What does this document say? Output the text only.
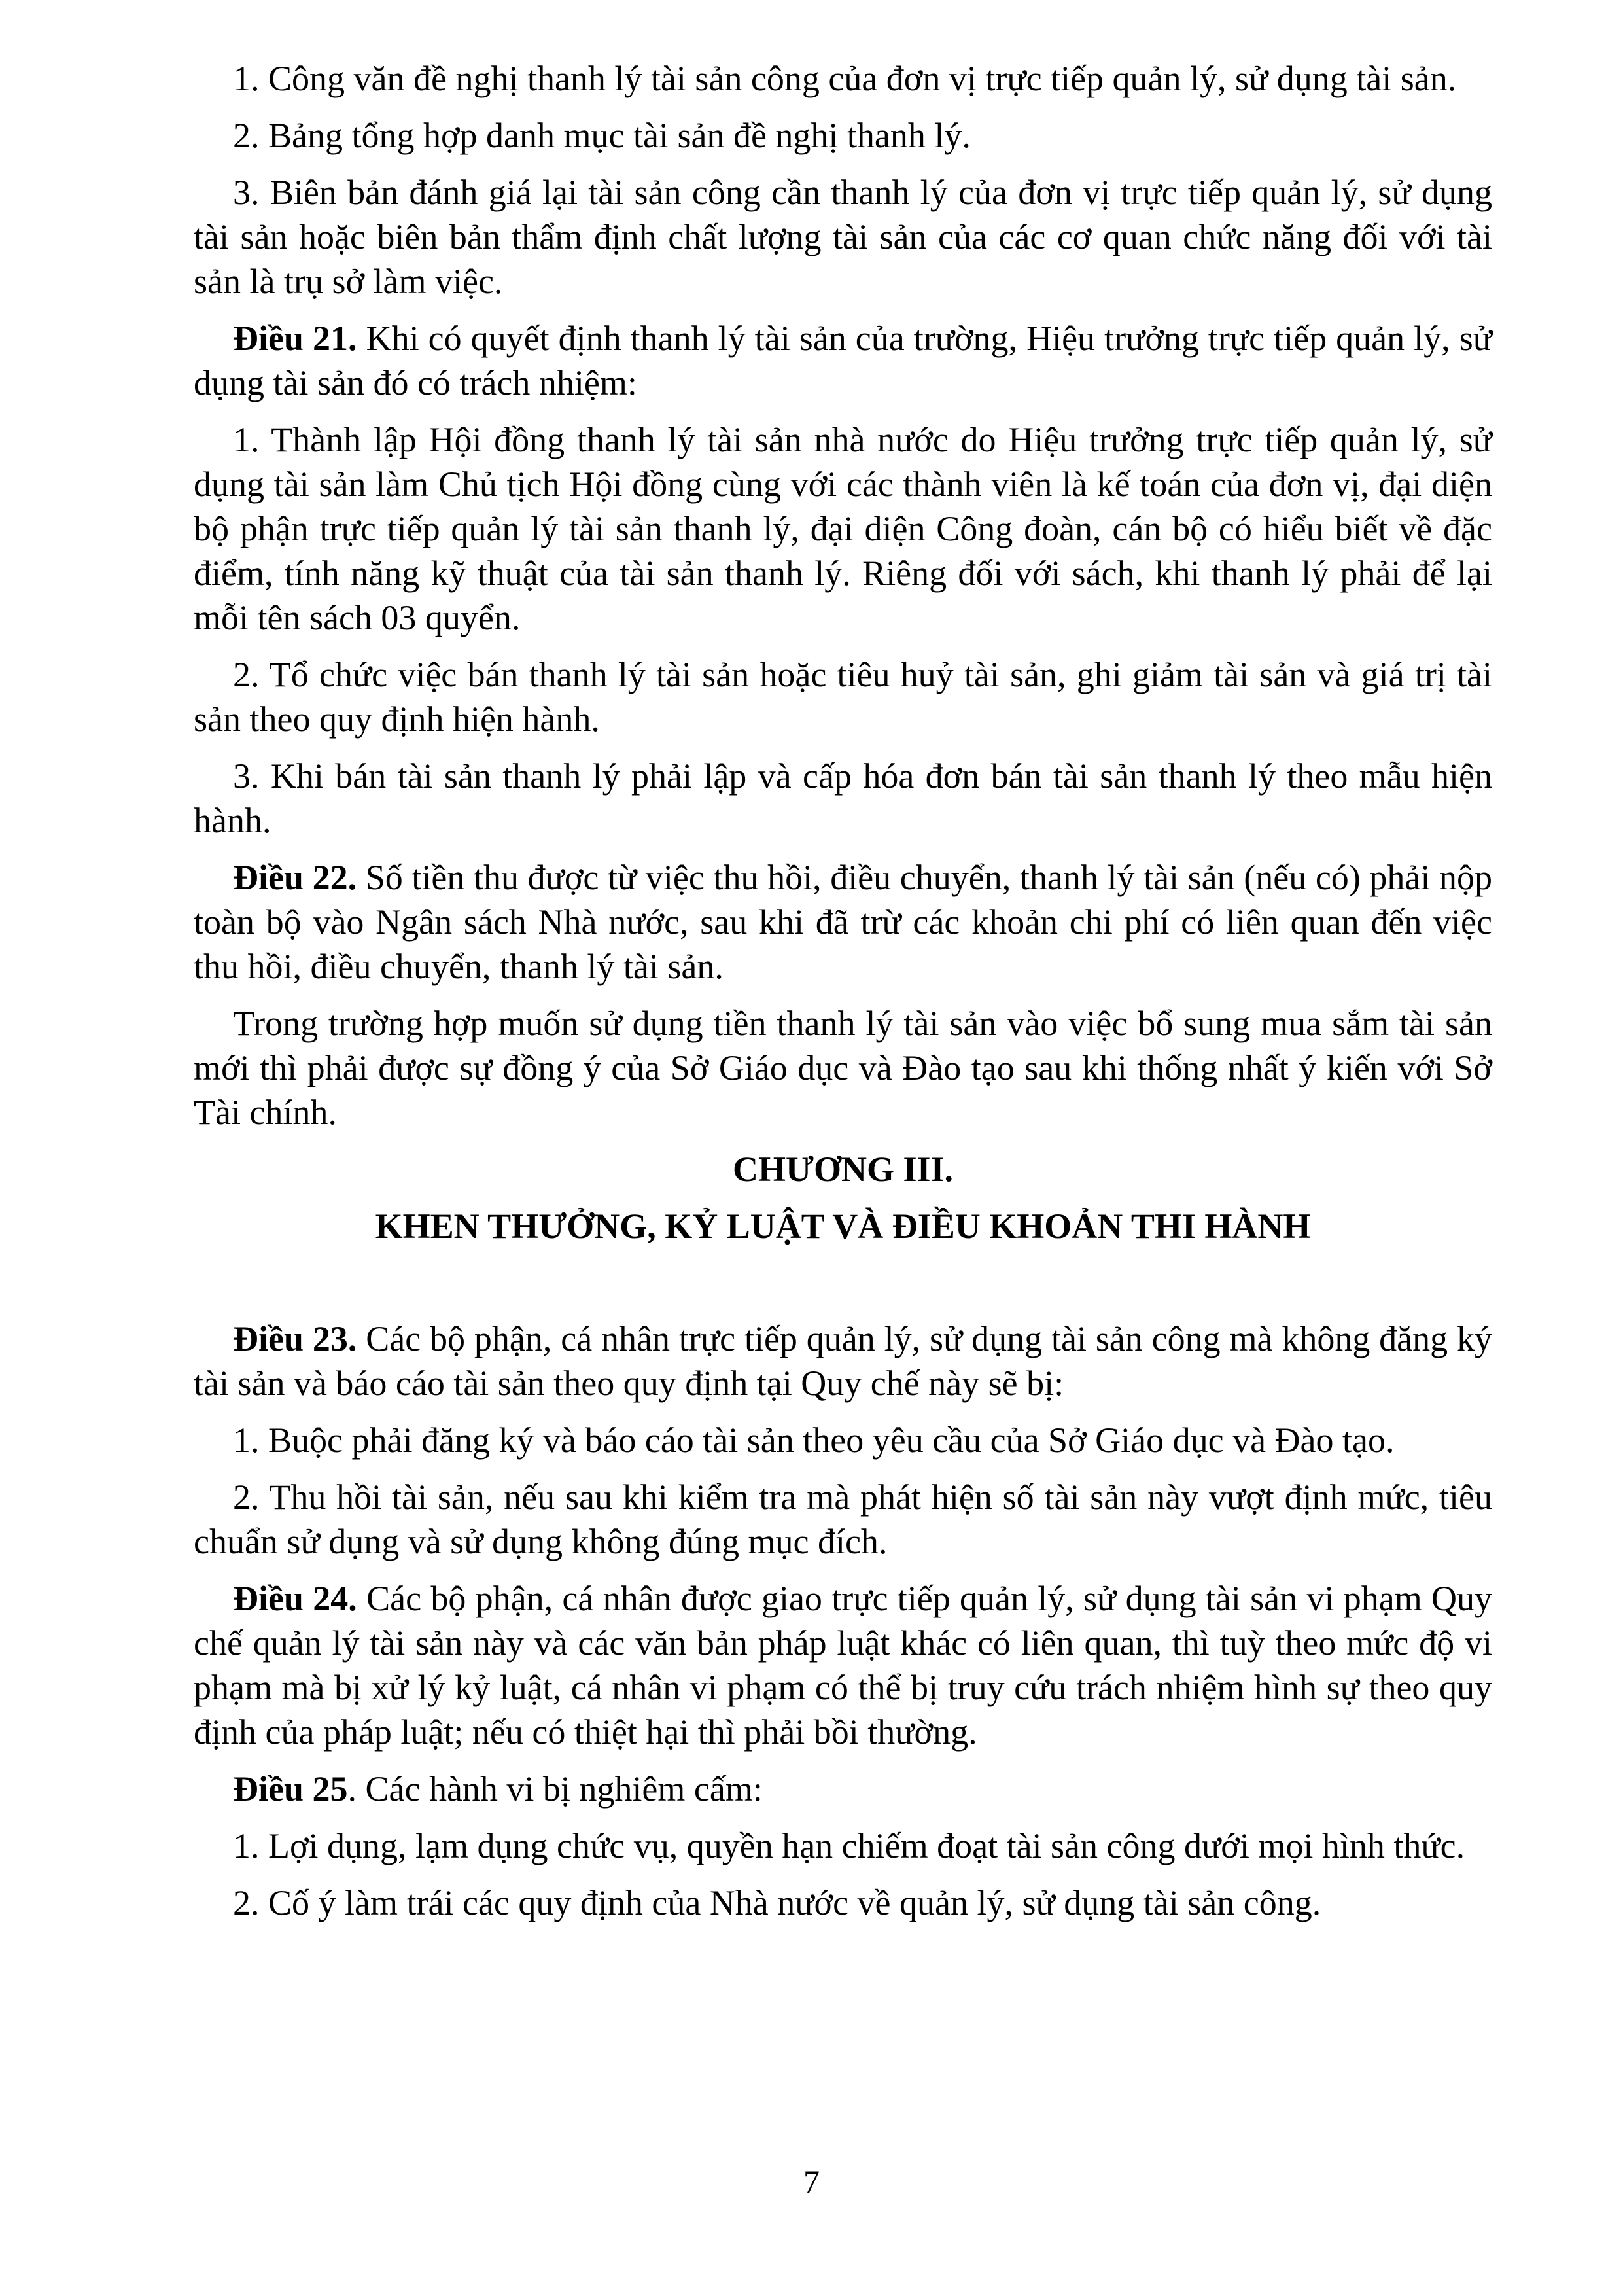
1. Công văn đề nghị thanh lý tài sản công của đơn vị trực tiếp quản lý, sử dụng tài sản.

2. Bảng tổng hợp danh mục tài sản đề nghị thanh lý.

3. Biên bản đánh giá lại tài sản công cần thanh lý của đơn vị trực tiếp quản lý, sử dụng tài sản hoặc biên bản thẩm định chất lượng tài sản của các cơ quan chức năng đối với tài sản là trụ sở làm việc.

Điều 21. Khi có quyết định thanh lý tài sản của trường, Hiệu trưởng trực tiếp quản lý, sử dụng tài sản đó có trách nhiệm:

1. Thành lập Hội đồng thanh lý tài sản nhà nước do Hiệu trưởng trực tiếp quản lý, sử dụng tài sản làm Chủ tịch Hội đồng cùng với các thành viên là kế toán của đơn vị, đại diện bộ phận trực tiếp quản lý tài sản thanh lý, đại diện Công đoàn, cán bộ có hiểu biết về đặc điểm, tính năng kỹ thuật của tài sản thanh lý. Riêng đối với sách, khi thanh lý phải để lại mỗi tên sách 03 quyển.

2. Tổ chức việc bán thanh lý tài sản hoặc tiêu huỷ tài sản, ghi giảm tài sản và giá trị tài sản theo quy định hiện hành.

3. Khi bán tài sản thanh lý phải lập và cấp hóa đơn bán tài sản thanh lý theo mẫu hiện hành.

Điều 22. Số tiền thu được từ việc thu hồi, điều chuyển, thanh lý tài sản (nếu có) phải nộp toàn bộ vào Ngân sách Nhà nước, sau khi đã trừ các khoản chi phí có liên quan đến việc thu hồi, điều chuyển, thanh lý tài sản.

Trong trường hợp muốn sử dụng tiền thanh lý tài sản vào việc bổ sung mua sắm tài sản mới thì phải được sự đồng ý của Sở Giáo dục và Đào tạo sau khi thống nhất ý kiến với Sở Tài chính.

CHƯƠNG III.

KHEN THƯỞNG, KỶ LUẬT VÀ ĐIỀU KHOẢN THI HÀNH

Điều 23. Các bộ phận, cá nhân trực tiếp quản lý, sử dụng tài sản công mà không đăng ký tài sản và báo cáo tài sản theo quy định tại Quy chế này sẽ bị:

1. Buộc phải đăng ký và báo cáo tài sản theo yêu cầu của Sở Giáo dục và Đào tạo.

2. Thu hồi tài sản, nếu sau khi kiểm tra mà phát hiện số tài sản này vượt định mức, tiêu chuẩn sử dụng và sử dụng không đúng mục đích.

Điều 24. Các bộ phận, cá nhân được giao trực tiếp quản lý, sử dụng tài sản vi phạm Quy chế quản lý tài sản này và các văn bản pháp luật khác có liên quan, thì tuỳ theo mức độ vi phạm mà bị xử lý kỷ luật, cá nhân vi phạm có thể bị truy cứu trách nhiệm hình sự theo quy định của pháp luật; nếu có thiệt hại thì phải bồi thường.

Điều 25. Các hành vi bị nghiêm cấm:

1. Lợi dụng, lạm dụng chức vụ, quyền hạn chiếm đoạt tài sản công dưới mọi hình thức.

2. Cố ý làm trái các quy định của Nhà nước về quản lý, sử dụng tài sản công.

7
